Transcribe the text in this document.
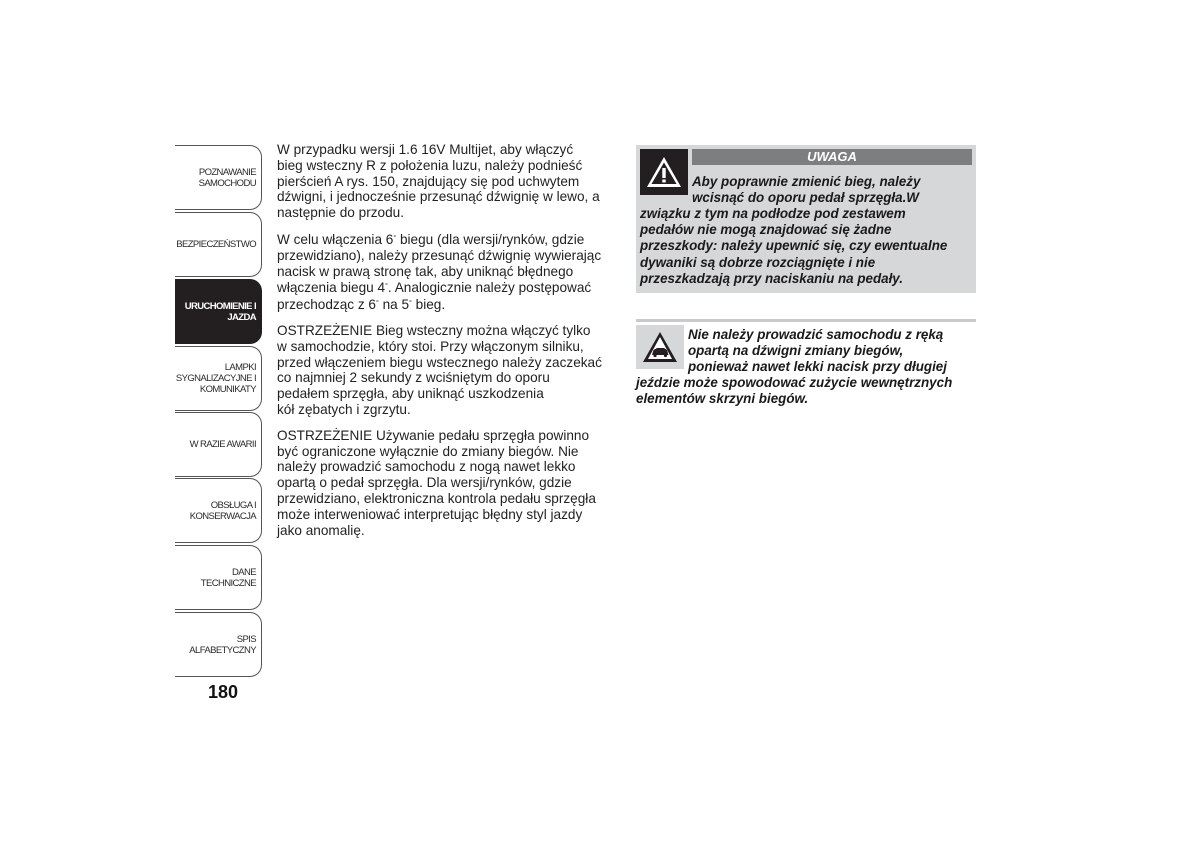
POZNAWANIE
SAMOCHODU
BEZPIECZEŃSTWO
URUCHOMIENIE I
JAZDA
LAMPKI
SYGNALIZACYJNE I
KOMUNIKATY
W RAZIE AWARII
OBSŁUGA I
KONSERWACJA
DANE TECHNICZNE
SPIS ALFABETYCZNY
180

W przypadku wersji 1.6 16V Multijet, aby włączyć
bieg wsteczny R z położenia luzu, należy podnieść
pierścień A rys. 150, znajdujący się pod uchwytem
dźwigni, i jednocześnie przesunąć dźwignię w lewo, a
następnie do przodu.

W celu włączenia 6° biegu (dla wersji/rynków, gdzie
przewidziano), należy przesunąć dźwignię wywierając
nacisk w prawą stronę tak, aby uniknąć błędnego
włączenia biegu 4°. Analogicznie należy postępować
przechodząc z 6° na 5° bieg.

OSTRZEŻENIE Bieg wsteczny można włączyć tylko
w samochodzie, który stoi. Przy włączonym silniku,
przed włączeniem biegu wstecznego należy zaczekać
co najmniej 2 sekundy z wciśniętym do oporu
pedałem sprzęgła, aby uniknąć uszkodzenia
kół zębatych i zgrzytu.

OSTRZEŻENIE Używanie pedału sprzęgła powinno
być ograniczone wyłącznie do zmiany biegów. Nie
należy prowadzić samochodu z nogą nawet lekko
opartą o pedał sprzęgła. Dla wersji/rynków, gdzie
przewidziano, elektroniczna kontrola pedału sprzęgła
może interweniować interpretując błędny styl jazdy
jako anomalię.

UWAGA
Aby poprawnie zmienić bieg, należy
wcisnąć do oporu pedał sprzęgła.W
związku z tym na podłodze pod zestawem
pedałów nie mogą znajdować się żadne
przeszkody: należy upewnić się, czy ewentualne
dywaniki są dobrze rozciągnięte i nie
przeszkadzają przy naciskaniu na pedały.
Nie należy prowadzić samochodu z ręką
opartą na dźwigni zmiany biegów,
ponieważ nawet lekki nacisk przy długiej
jeździe może spowodować zużycie wewnętrznych
elementów skrzyni biegów.
